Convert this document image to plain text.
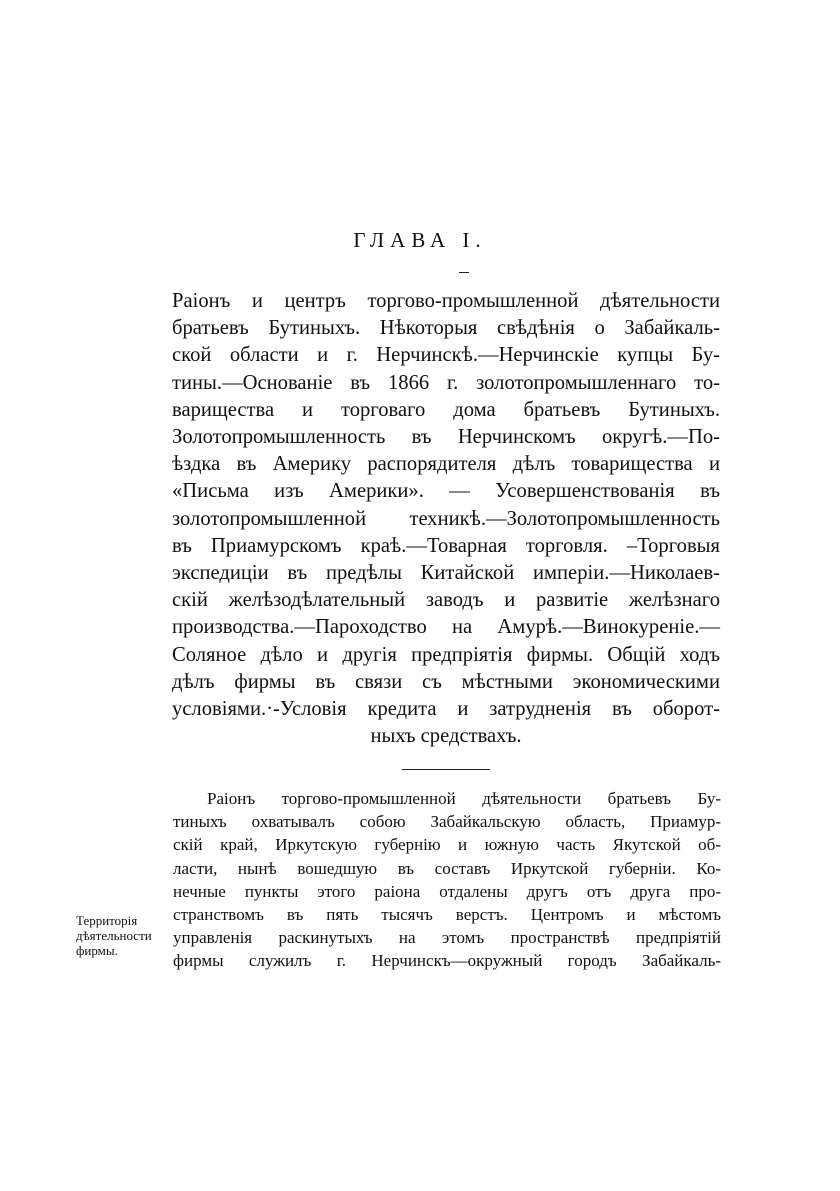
ГЛАВА I.
Раіонъ и центръ торгово-промышленной дѣятельности
братьевъ Бутиныхъ. Нѣкоторыя свѣдѣнія о Забайкаль-
ской области и г. Нерчинскѣ.—Нерчинскіе купцы Бу-
тины.—Основаніе въ 1866 г. золотопромышленнаго то-
варищества и торговаго дома братьевъ Бутиныхъ.
Золотопромышленность въ Нерчинскомъ округѣ.—По-
ѣздка въ Америку распорядителя дѣлъ товарищества и
«Письма изъ Америки». — Усовершенствованія въ
золотопромышленной техникѣ.—Золотопромышленность
въ Приамурскомъ краѣ.—Товарная торговля. –Торговыя
экспедиціи въ предѣлы Китайской имперіи.—Николаев-
скій желѣзодѣлательный заводъ и развитіе желѣзнаго
производства.—Пароходство на Амурѣ.—Винокуреніе.—
Соляное дѣло и другія предпріятія фирмы. Общій ходъ
дѣлъ фирмы въ связи съ мѣстными экономическими
условіями.·-Условія кредита и затрудненія въ оборот-
ныхъ средствахъ.
Раіонъ торгово-промышленной дѣятельности братьевъ Бу-
тиныхъ охватывалъ собою Забайкальскую область, Приамур-
скій край, Иркутскую губернію и южную часть Якутской об-
ласти, нынѣ вошедшую въ составъ Иркутской губерніи. Ко-
нечные пункты этого раіона отдалены другъ отъ друга про-
странствомъ въ пять тысячъ верстъ. Центромъ и мѣстомъ
управленія раскинутыхъ на этомъ пространствѣ предпріятій
фирмы служилъ г. Нерчинскъ—окружный городъ Забайкаль-
Территорія
дѣятельности
фирмы.
